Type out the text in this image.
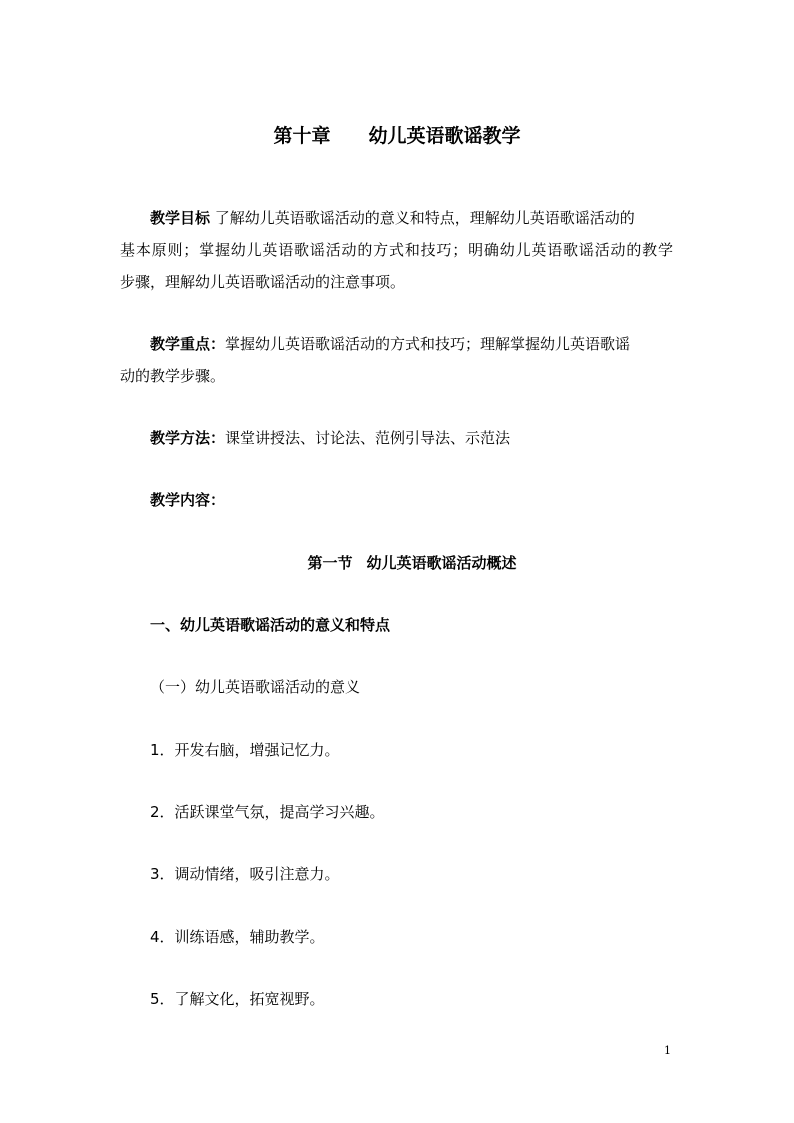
第十章 幼儿英语歌谣教学
教学目标 了解幼儿英语歌谣活动的意义和特点，理解幼儿英语歌谣活动的
基本原则；掌握幼儿英语歌谣活动的方式和技巧；明确幼儿英语歌谣活动的教学
步骤，理解幼儿英语歌谣活动的注意事项。
教学重点：掌握幼儿英语歌谣活动的方式和技巧；理解掌握幼儿英语歌谣
动的教学步骤。
教学方法：课堂讲授法、讨论法、范例引导法、示范法
教学内容：
第一节 幼儿英语歌谣活动概述
一、幼儿英语歌谣活动的意义和特点
（一）幼儿英语歌谣活动的意义
1．开发右脑，增强记忆力。
2．活跃课堂气氛，提高学习兴趣。
3．调动情绪，吸引注意力。
4．训练语感，辅助教学。
5．了解文化，拓宽视野。
1
